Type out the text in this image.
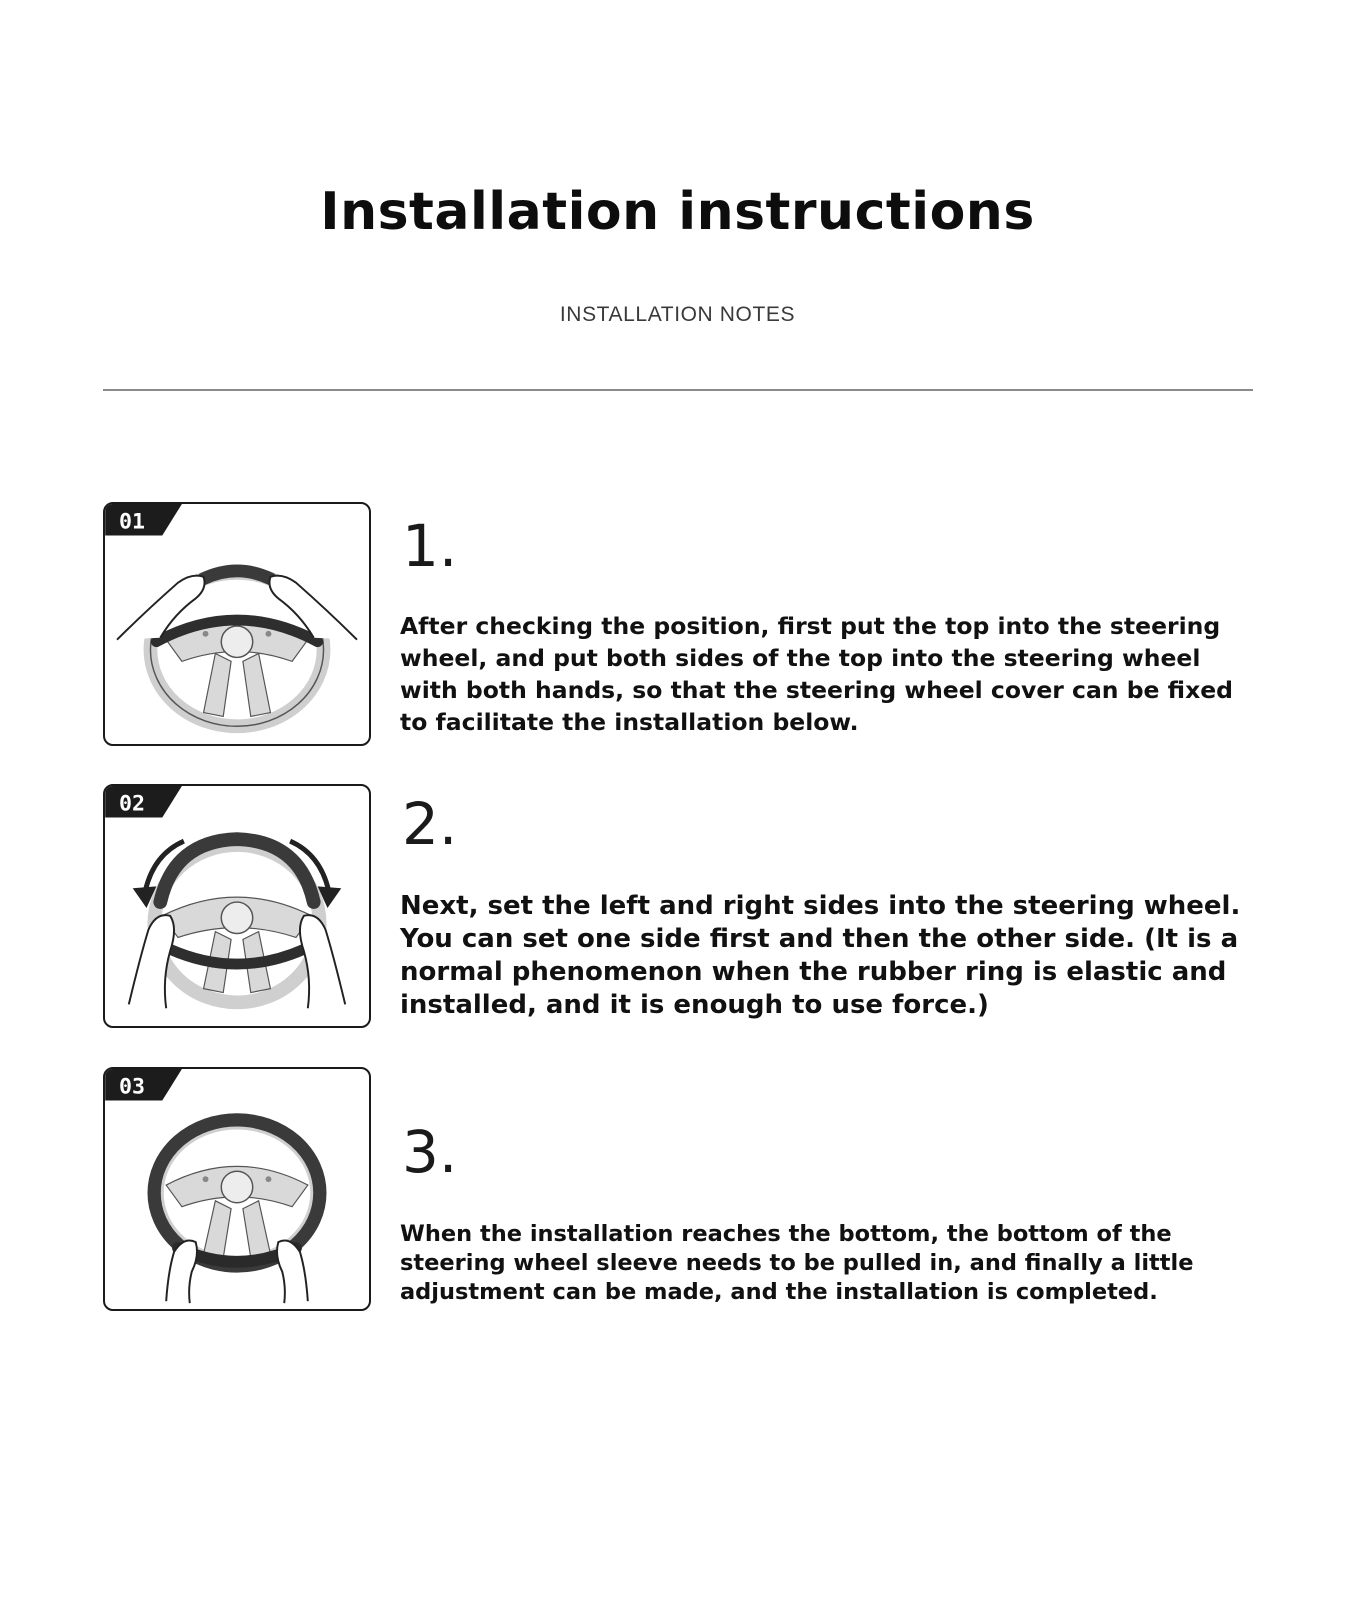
Installation instructions
INSTALLATION NOTES
01	1.

After checking the position, first put the top into the steering wheel, and put both sides of the top into the steering wheel with both hands, so that the steering wheel cover can be fixed to facilitate the installation below.

02	2.

Next, set the left and right sides into the steering wheel. You can set one side first and then the other side. (It is a normal phenomenon when the rubber ring is elastic and installed, and it is enough to use force.)

03
3.

When the installation reaches the bottom, the bottom of the steering wheel sleeve needs to be pulled in, and finally a little adjustment can be made, and the installation is completed.
